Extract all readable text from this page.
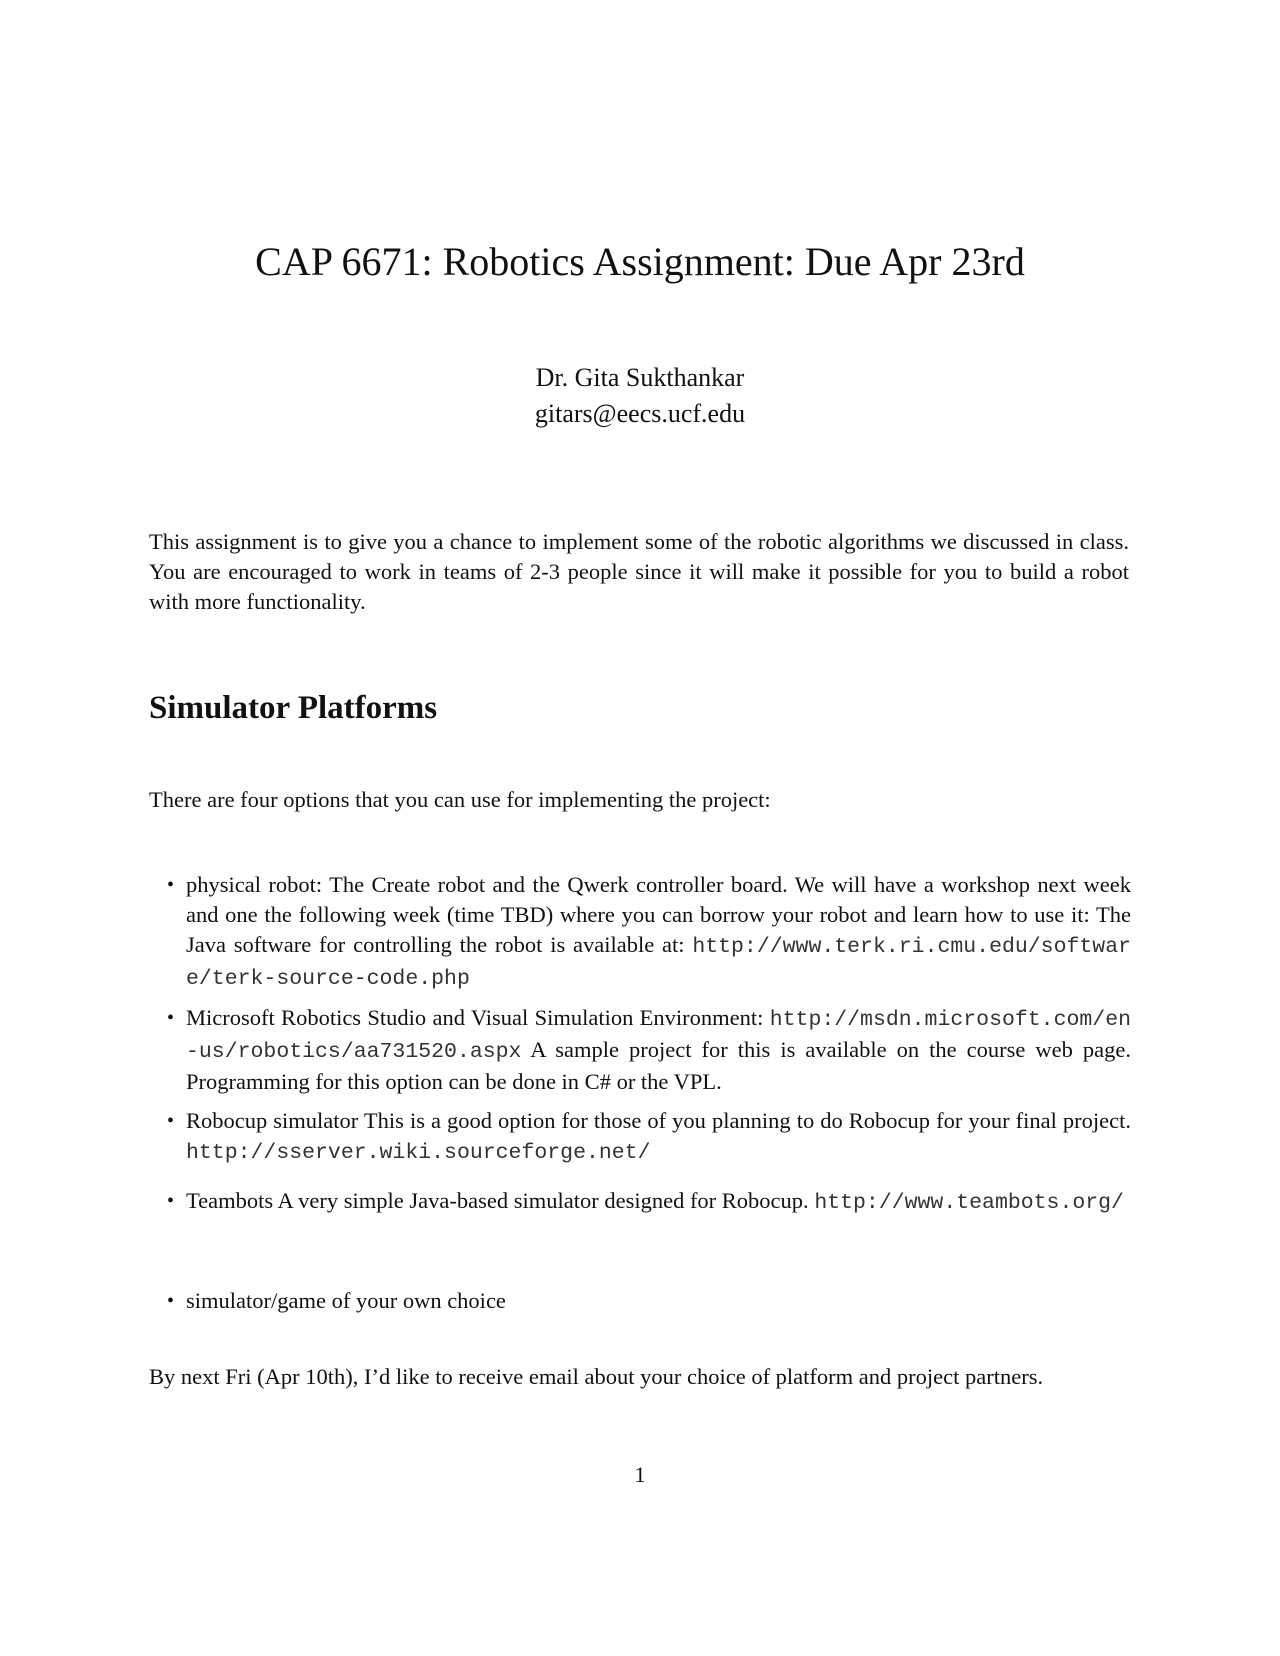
CAP 6671: Robotics Assignment: Due Apr 23rd
Dr. Gita Sukthankar
gitars@eecs.ucf.edu

This assignment is to give you a chance to implement some of the robotic algorithms we discussed in class. You are encouraged to work in teams of 2-3 people since it will make it possible for you to build a robot with more functionality.

Simulator Platforms

There are four options that you can use for implementing the project:

• physical robot: The Create robot and the Qwerk controller board. We will have a workshop next week and one the following week (time TBD) where you can borrow your robot and learn how to use it: The Java software for controlling the robot is available at: http://www.terk.ri.cmu.edu/software/terk-source-code.php
• Microsoft Robotics Studio and Visual Simulation Environment: http://msdn.microsoft.com/en-us/robotics/aa731520.aspx A sample project for this is available on the course web page. Programming for this option can be done in C# or the VPL.
• Robocup simulator This is a good option for those of you planning to do Robocup for your final project. http://sserver.wiki.sourceforge.net/
• Teambots A very simple Java-based simulator designed for Robocup. http://www.teambots.org/
• simulator/game of your own choice

By next Fri (Apr 10th), I’d like to receive email about your choice of platform and project partners.

1
